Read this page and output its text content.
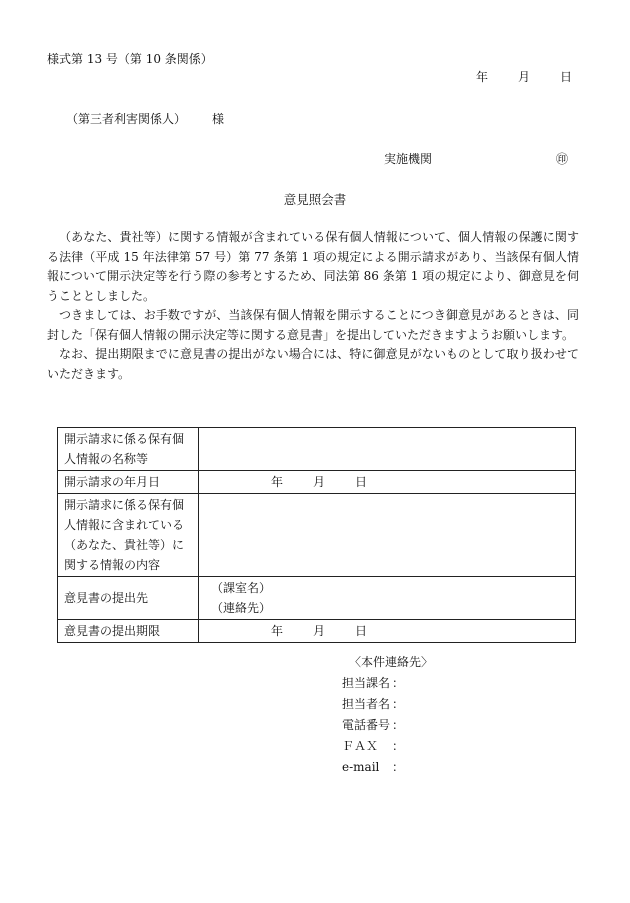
様式第 13 号（第 10 条関係）
年	月	日
（第三者利害関係人） 様
実施機関	㊞
意見照会書

（あなた、貴社等）に関する情報が含まれている保有個人情報について、個人情報の保護に関する法律（平成 15 年法律第 57 号）第 77 条第 1 項の規定による開示請求があり、当該保有個人情報について開示決定等を行う際の参考とするため、同法第 86 条第 1 項の規定により、御意見を伺うこととしました。

つきましては、お手数ですが、当該保有個人情報を開示することにつき御意見があるときは、同封した「保有個人情報の開示決定等に関する意見書」を提出していただきますようお願いします。

なお、提出期限までに意見書の提出がない場合には、特に御意見がないものとして取り扱わせていただきます。

開示請求に係る保有個人情報の名称等	
開示請求の年月日	年 月 日

開示請求に係る保有個人情報に含まれている（あなた、貴社等）に関する情報の内容	
意見書の提出先	（課室名）
（連絡先）

意見書の提出期限	年 月 日
〈本件連絡先〉
担当課名 ：
担当者名 ：
電話番号 ：
ＦＡＸ ：
e-mail ：
